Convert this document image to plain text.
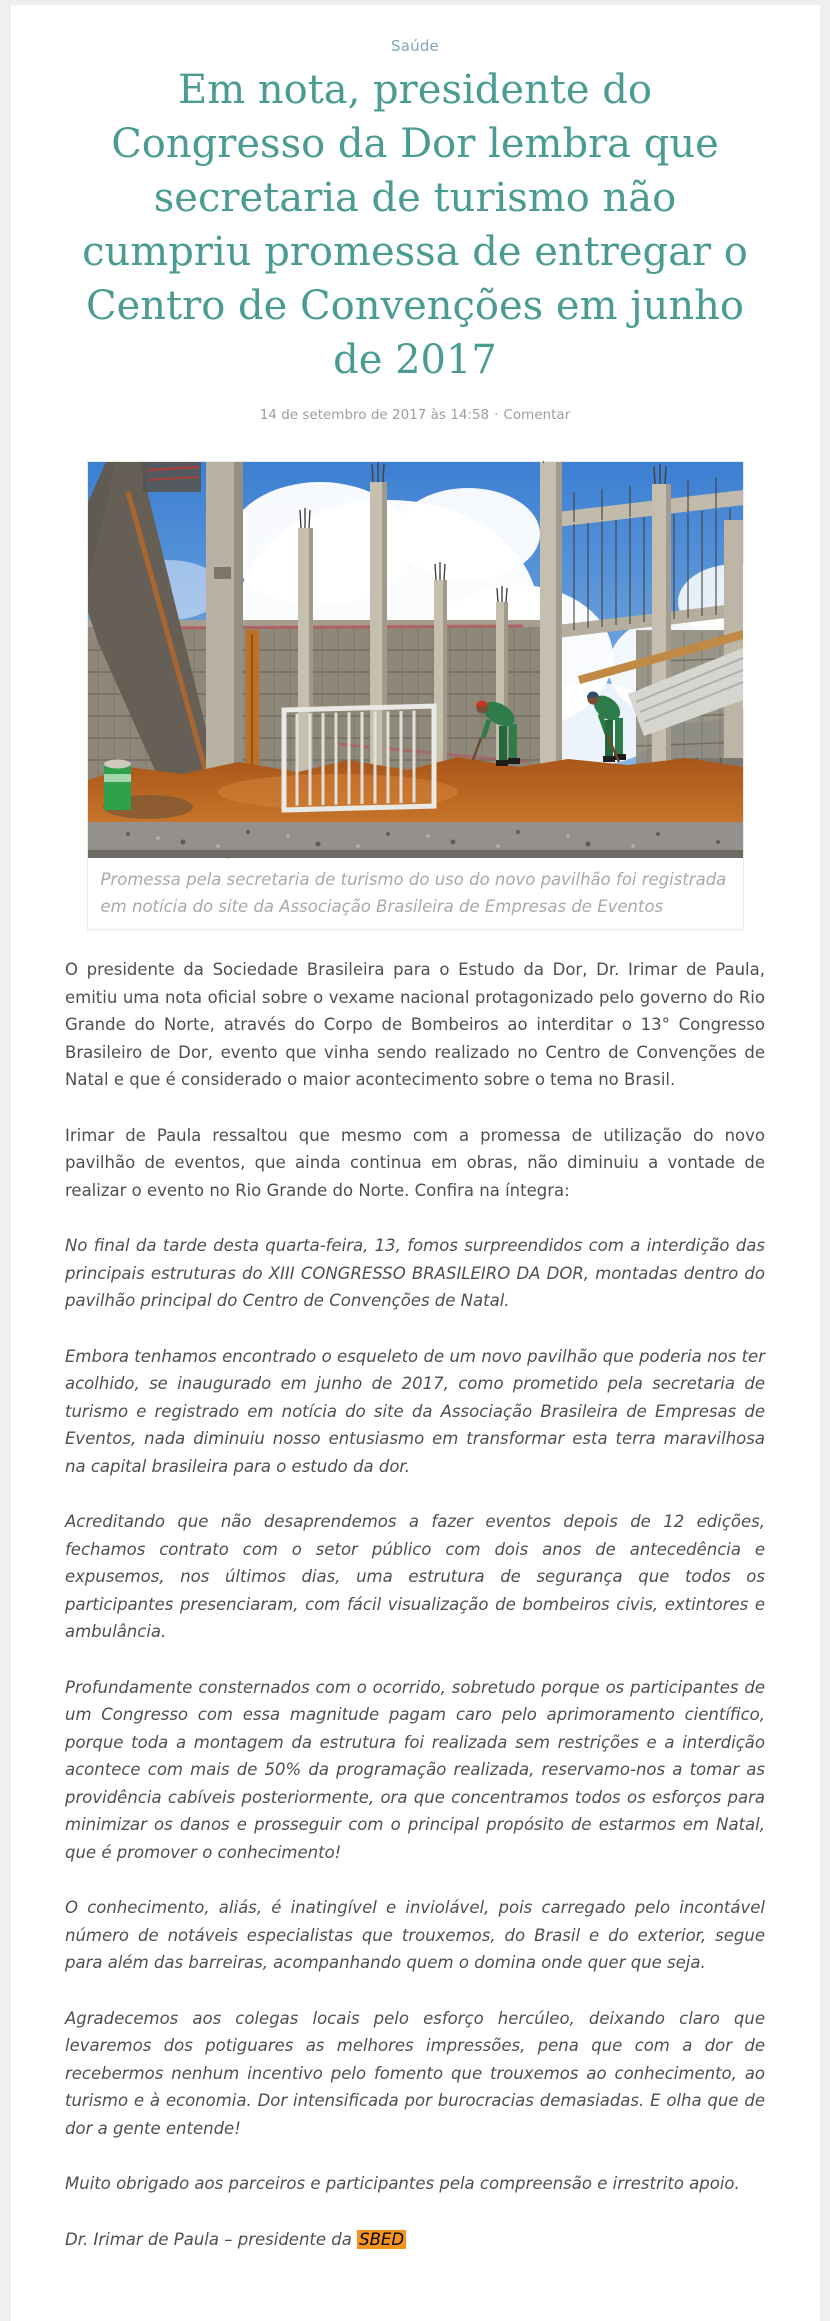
Saúde
Em nota, presidente do Congresso da Dor lembra que secretaria de turismo não cumpriu promessa de entregar o Centro de Convenções em junho de 2017
14 de setembro de 2017 às 14:58 · Comentar
Promessa pela secretaria de turismo do uso do novo pavilhão foi registrada em notícia do site da Associação Brasileira de Empresas de Eventos

O presidente da Sociedade Brasileira para o Estudo da Dor, Dr. Irimar de Paula, emitiu uma nota oficial sobre o vexame nacional protagonizado pelo governo do Rio Grande do Norte, através do Corpo de Bombeiros ao interditar o 13° Congresso Brasileiro de Dor, evento que vinha sendo realizado no Centro de Convenções de Natal e que é considerado o maior acontecimento sobre o tema no Brasil.

Irimar de Paula ressaltou que mesmo com a promessa de utilização do novo pavilhão de eventos, que ainda continua em obras, não diminuiu a vontade de realizar o evento no Rio Grande do Norte. Confira na íntegra:

No final da tarde desta quarta-feira, 13, fomos surpreendidos com a interdição das principais estruturas do XIII CONGRESSO BRASILEIRO DA DOR, montadas dentro do pavilhão principal do Centro de Convenções de Natal.

Embora tenhamos encontrado o esqueleto de um novo pavilhão que poderia nos ter acolhido, se inaugurado em junho de 2017, como prometido pela secretaria de turismo e registrado em notícia do site da Associação Brasileira de Empresas de Eventos, nada diminuiu nosso entusiasmo em transformar esta terra maravilhosa na capital brasileira para o estudo da dor.

Acreditando que não desaprendemos a fazer eventos depois de 12 edições, fechamos contrato com o setor público com dois anos de antecedência e expusemos, nos últimos dias, uma estrutura de segurança que todos os participantes presenciaram, com fácil visualização de bombeiros civis, extintores e ambulância.

Profundamente consternados com o ocorrido, sobretudo porque os participantes de um Congresso com essa magnitude pagam caro pelo aprimoramento científico, porque toda a montagem da estrutura foi realizada sem restrições e a interdição acontece com mais de 50% da programação realizada, reservamo-nos a tomar as providência cabíveis posteriormente, ora que concentramos todos os esforços para minimizar os danos e prosseguir com o principal propósito de estarmos em Natal, que é promover o conhecimento!

O conhecimento, aliás, é inatingível e inviolável, pois carregado pelo incontável número de notáveis especialistas que trouxemos, do Brasil e do exterior, segue para além das barreiras, acompanhando quem o domina onde quer que seja.

Agradecemos aos colegas locais pelo esforço hercúleo, deixando claro que levaremos dos potiguares as melhores impressões, pena que com a dor de recebermos nenhum incentivo pelo fomento que trouxemos ao conhecimento, ao turismo e à economia. Dor intensificada por burocracias demasiadas. E olha que de dor a gente entende!

Muito obrigado aos parceiros e participantes pela compreensão e irrestrito apoio.

Dr. Irimar de Paula – presidente da SBED
